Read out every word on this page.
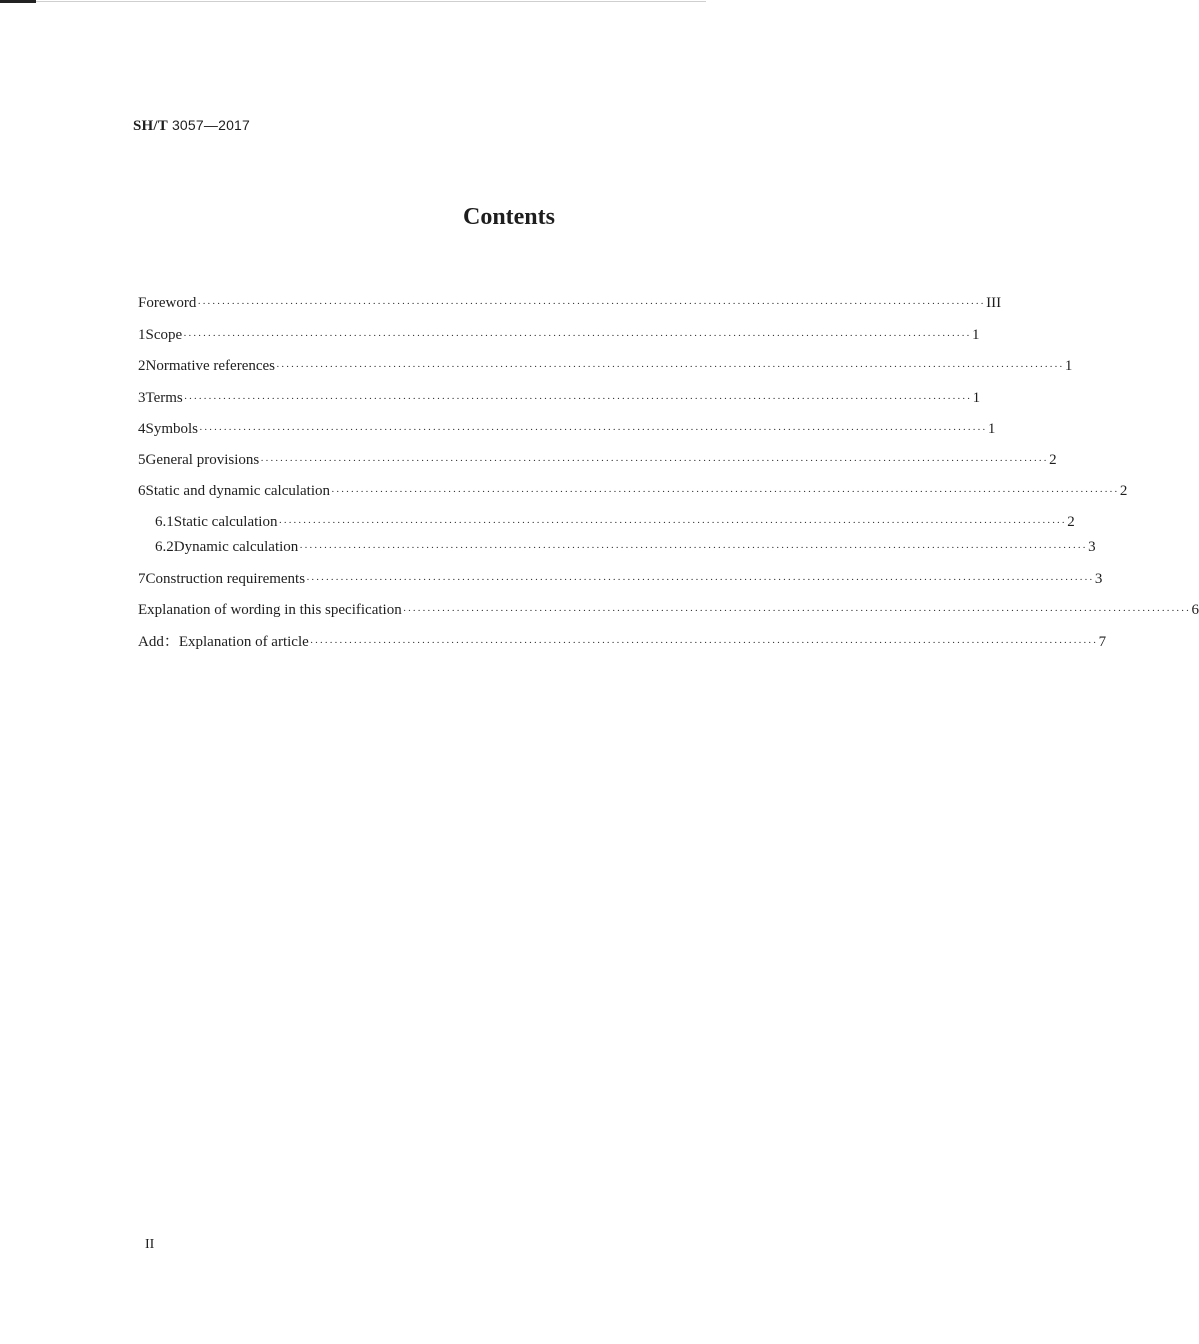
SH/T 3057—2017
Contents
Foreword ·································································································································································· III
1 Scope ·································································································································································· 1
2 Normative references ·································································································································································· 1
3 Terms ·································································································································································· 1
4 Symbols ·································································································································································· 1
5 General provisions ·································································································································································· 2
6 Static and dynamic calculation ·································································································································································· 2
6.1 Static calculation ·································································································································································· 2
6.2 Dynamic calculation ·································································································································································· 3
7 Construction requirements ·································································································································································· 3
Explanation of wording in this specification ·································································································································································· 6
Add：Explanation of article ·································································································································································· 7
II
